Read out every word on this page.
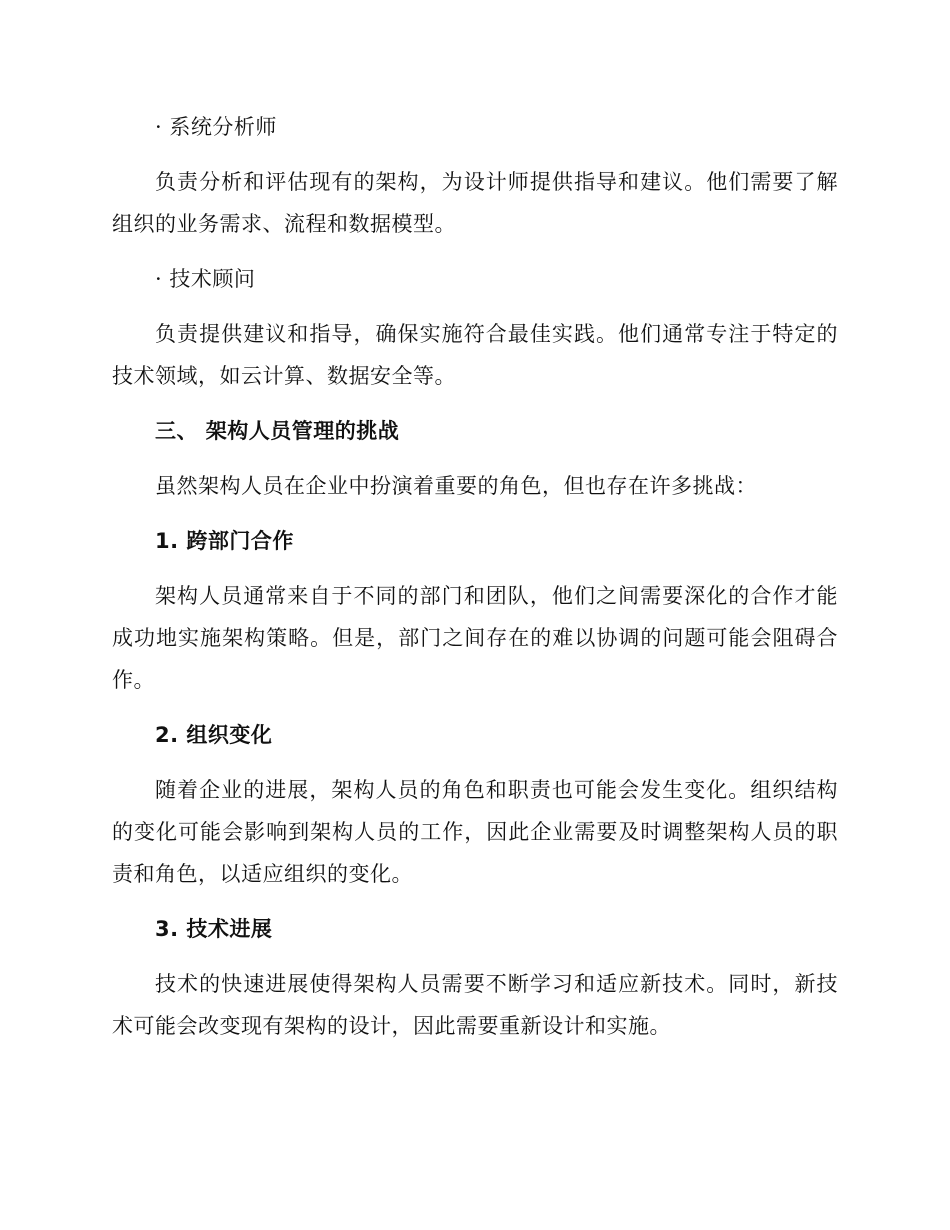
· 系统分析师
负责分析和评估现有的架构，为设计师提供指导和建议。他们需要了解
组织的业务需求、流程和数据模型。
· 技术顾问
负责提供建议和指导，确保实施符合最佳实践。他们通常专注于特定的
技术领域，如云计算、数据安全等。
三、 架构人员管理的挑战
虽然架构人员在企业中扮演着重要的角色，但也存在许多挑战：
1. 跨部门合作
架构人员通常来自于不同的部门和团队，他们之间需要深化的合作才能
成功地实施架构策略。但是，部门之间存在的难以协调的问题可能会阻碍合
作。
2. 组织变化
随着企业的进展，架构人员的角色和职责也可能会发生变化。组织结构
的变化可能会影响到架构人员的工作，因此企业需要及时调整架构人员的职
责和角色，以适应组织的变化。
3. 技术进展
技术的快速进展使得架构人员需要不断学习和适应新技术。同时，新技
术可能会改变现有架构的设计，因此需要重新设计和实施。
